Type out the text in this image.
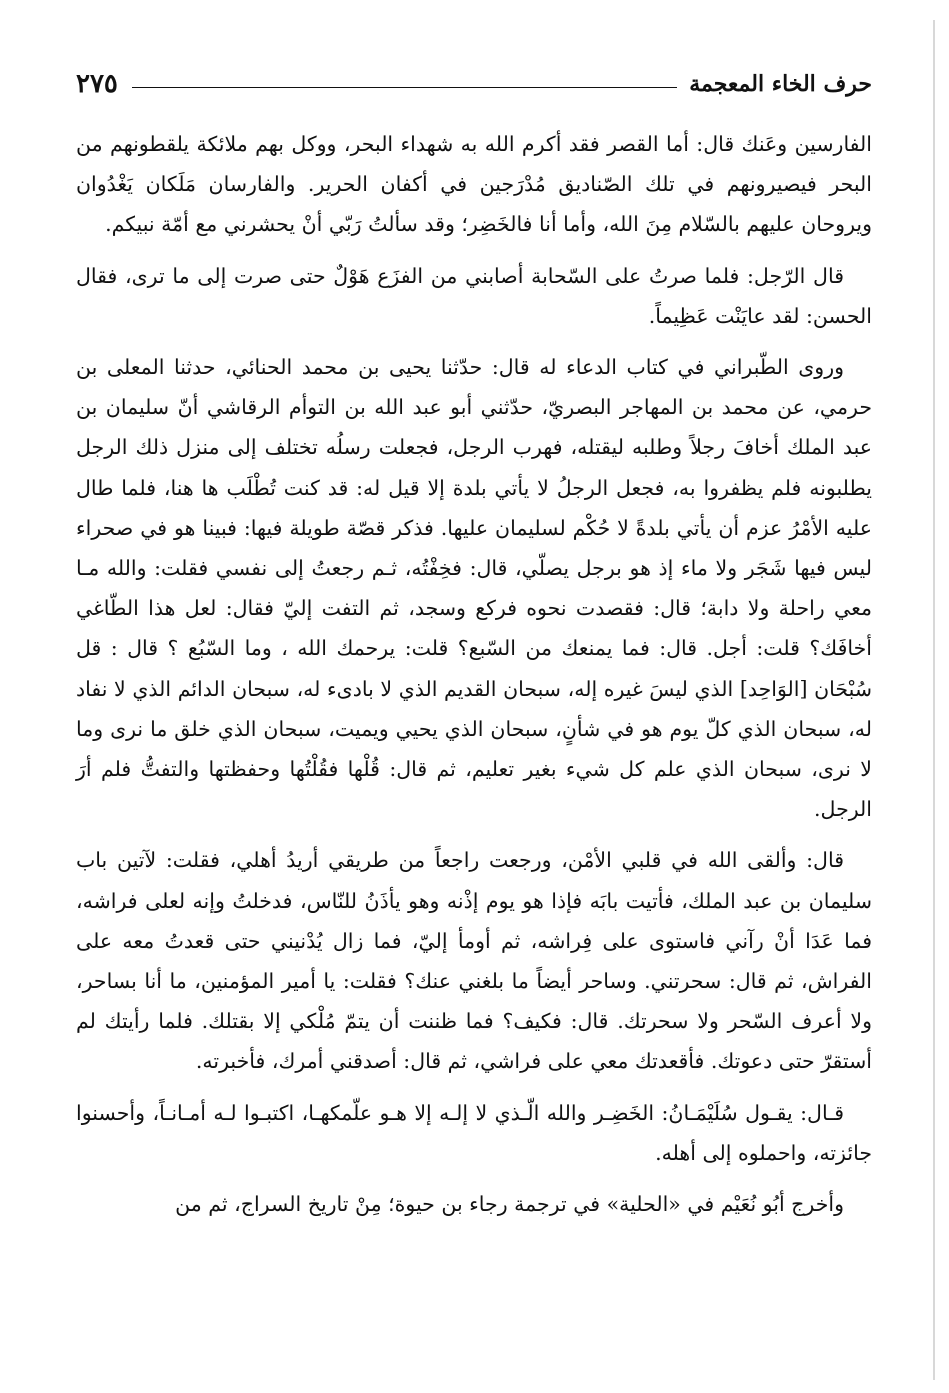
حرف الخاء المعجمة
٢٧٥

الفارسين وعَنك قال: أما القصر فقد أكرم الله به شهداء البحر، ووكل بهم ملائكة يلقطونهم من البحر فيصيرونهم في تلك الصّناديق مُدْرَجين في أكفان الحرير. والفارسان مَلَكان يَغْدُوان ويروحان عليهم بالسّلام مِنَ الله، وأما أنا فالخَضِر؛ وقد سألتُ رَبّي أنْ يحشرني مع أمّة نبيكم.

قال الرّجل: فلما صرتُ على السّحابة أصابني من الفزَع هَوْلٌ حتى صرت إلى ما ترى، فقال الحسن: لقد عايَنْت عَظِيماً.

وروى الطّبراني في كتاب الدعاء له قال: حدّثنا يحيى بن محمد الحنائي، حدثنا المعلى بن حرمي، عن محمد بن المهاجر البصريّ، حدّثني أبو عبد الله بن التوأم الرقاشي أنّ سليمان بن عبد الملك أخافَ رجلاً وطلبه ليقتله، فهرب الرجل، فجعلت رسلُه تختلف إلى منزل ذلك الرجل يطلبونه فلم يظفروا به، فجعل الرجلُ لا يأتي بلدة إلا قيل له: قد كنت تُطْلَب ها هنا، فلما طال عليه الأمْرُ عزم أن يأتي بلدةً لا حُكْم لسليمان عليها. فذكر قصّة طويلة فيها: فبينا هو في صحراء ليس فيها شَجَر ولا ماء إذ هو برجل يصلّي، قال: فخِفْتُه، ثـم رجعتُ إلى نفسي فقلت: والله مـا معي راحلة ولا دابة؛ قال: فقصدت نحوه فركع وسجد، ثم التفت إليّ فقال: لعل هذا الطّاغي أخافَك؟ قلت: أجل. قال: فما يمنعك من السّبع؟ قلت: يرحمك الله ، وما السّبُع ؟ قال : قل سُبْحَان [الوَاحِد] الذي ليسَ غيره إله، سبحان القديم الذي لا بادىء له، سبحان الدائم الذي لا نفاد له، سبحان الذي كلّ يوم هو في شأنٍ، سبحان الذي يحيي ويميت، سبحان الذي خلق ما نرى وما لا نرى، سبحان الذي علم كل شيء بغير تعليم، ثم قال: قُلْها فقُلْتُها وحفظتها والتفتُّ فلم أرَ الرجل.

قال: وألقى الله في قلبي الأمْن، ورجعت راجعاً من طريقي أريدُ أهلي، فقلت: لآتين باب سليمان بن عبد الملك، فأتيت بابَه فإذا هو يوم إذْنه وهو يأذَنُ للنّاس، فدخلتُ وإنه لعلى فراشه، فما عَدَا أنْ رآني فاستوى على فِراشه، ثم أومأ إليّ، فما زال يُدْنيني حتى قعدتُ معه على الفراش، ثم قال: سحرتني. وساحر أيضاً ما بلغني عنك؟ فقلت: يا أمير المؤمنين، ما أنا بساحر، ولا أعرف السّحر ولا سحرتك. قال: فكيف؟ فما ظننت أن يتمّ مُلْكي إلا بقتلك. فلما رأيتك لم أستقرّ حتى دعوتك. فأقعدتك معي على فراشي، ثم قال: أصدقني أمرك، فأخبرته.

قـال: يقـول سُلَيْمَـانُ: الخَضِـر والله الّـذي لا إلـه إلا هـو علّمكهـا، اكتبـوا لـه أمـانـاً، وأحسنوا جائزته، واحملوه إلى أهله.

وأخرج أبُو نُعَيْم في «الحلية» في ترجمة رجاء بن حيوة؛ مِنْ تاريخ السراج، ثم من
